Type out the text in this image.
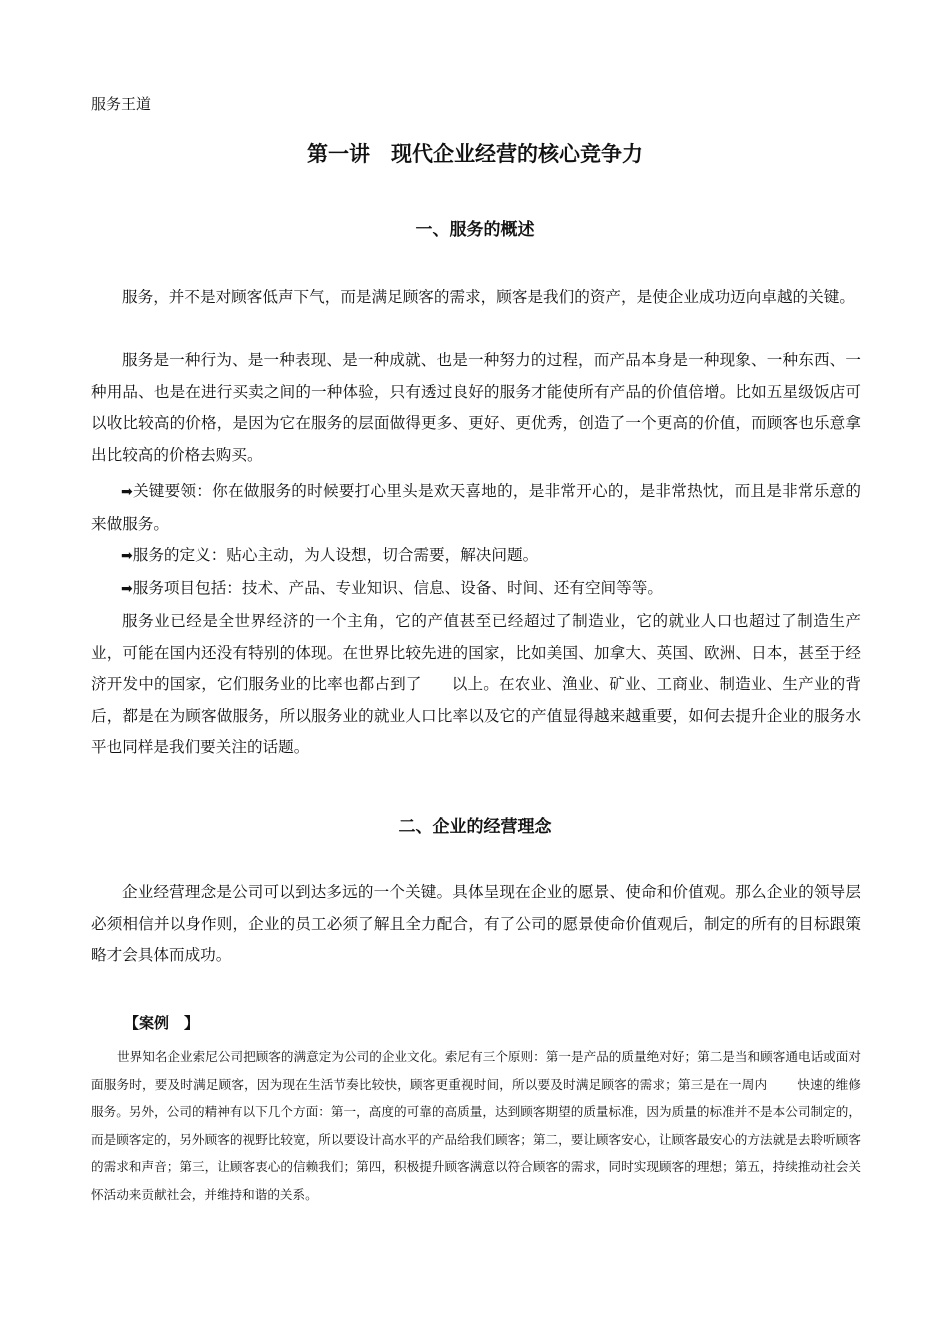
服务王道
第一讲　现代企业经营的核心竞争力
一、服务的概述

服务，并不是对顾客低声下气，而是满足顾客的需求，顾客是我们的资产，是使企业成功迈向卓越的关键。

服务是一种行为、是一种表现、是一种成就、也是一种努力的过程，而产品本身是一种现象、一种东西、一种用品、也是在进行买卖之间的一种体验，只有透过良好的服务才能使所有产品的价值倍增。比如五星级饭店可以收比较高的价格，是因为它在服务的层面做得更多、更好、更优秀，创造了一个更高的价值，而顾客也乐意拿出比较高的价格去购买。

➡关键要领：你在做服务的时候要打心里头是欢天喜地的，是非常开心的，是非常热忱，而且是非常乐意的来做服务。

➡服务的定义：贴心主动，为人设想，切合需要，解决问题。

➡服务项目包括：技术、产品、专业知识、信息、设备、时间、还有空间等等。

服务业已经是全世界经济的一个主角，它的产值甚至已经超过了制造业，它的就业人口也超过了制造生产业，可能在国内还没有特别的体现。在世界比较先进的国家，比如美国、加拿大、英国、欧洲、日本，甚至于经济开发中的国家，它们服务业的比率也都占到了 以上。在农业、渔业、矿业、工商业、制造业、生产业的背后，都是在为顾客做服务，所以服务业的就业人口比率以及它的产值显得越来越重要，如何去提升企业的服务水平也同样是我们要关注的话题。

二、企业的经营理念

企业经营理念是公司可以到达多远的一个关键。具体呈现在企业的愿景、使命和价值观。那么企业的领导层必须相信并以身作则，企业的员工必须了解且全力配合，有了公司的愿景使命价值观后，制定的所有的目标跟策略才会具体而成功。

【案例　】

世界知名企业索尼公司把顾客的满意定为公司的企业文化。索尼有三个原则：第一是产品的质量绝对好；第二是当和顾客通电话或面对面服务时，要及时满足顾客，因为现在生活节奏比较快，顾客更重视时间，所以要及时满足顾客的需求；第三是在一周内 快速的维修服务。另外，公司的精神有以下几个方面：第一，高度的可靠的高质量，达到顾客期望的质量标准，因为质量的标准并不是本公司制定的，而是顾客定的，另外顾客的视野比较宽，所以要设计高水平的产品给我们顾客；第二，要让顾客安心，让顾客最安心的方法就是去聆听顾客的需求和声音；第三，让顾客衷心的信赖我们；第四，积极提升顾客满意以符合顾客的需求，同时实现顾客的理想；第五，持续推动社会关怀活动来贡献社会，并维持和谐的关系。
